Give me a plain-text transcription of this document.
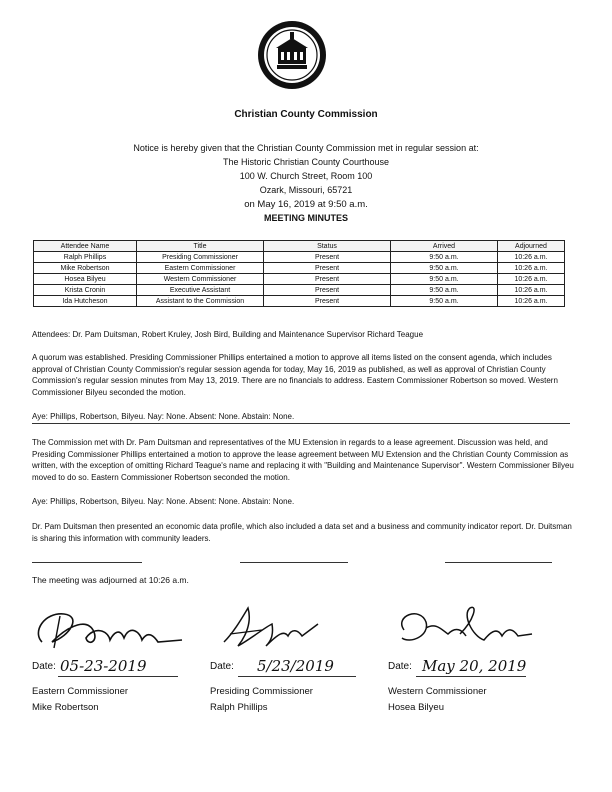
Christian County Commission
Notice is hereby given that the Christian County Commission met in regular session at:
The Historic Christian County Courthouse
100 W. Church Street, Room 100
Ozark, Missouri, 65721
on May 16, 2019 at 9:50 a.m.
MEETING MINUTES
Attendee Name	Title	Status	Arrived	Adjourned
Ralph Phillips	Presiding Commissioner	Present	9:50 a.m.	10:26 a.m.
Mike Robertson	Eastern Commissioner	Present	9:50 a.m.	10:26 a.m.
Hosea Bilyeu	Western Commissioner	Present	9:50 a.m.	10:26 a.m.
Krista Cronin	Executive Assistant	Present	9:50 a.m.	10:26 a.m.
Ida Hutcheson	Assistant to the Commission	Present	9:50 a.m.	10:26 a.m.
Attendees: Dr. Pam Duitsman, Robert Kruley, Josh Bird, Building and Maintenance Supervisor Richard Teague
A quorum was established. Presiding Commissioner Phillips entertained a motion to approve all items listed on the consent agenda, which includes approval of Christian County Commission's regular session agenda for today, May 16, 2019 as published, as well as approval of Christian County Commission's regular session minutes from May 13, 2019. There are no financials to address. Eastern Commissioner Robertson so moved. Western Commissioner Bilyeu seconded the motion.
Aye: Phillips, Robertson, Bilyeu. Nay: None. Absent: None. Abstain: None.
The Commission met with Dr. Pam Duitsman and representatives of the MU Extension in regards to a lease agreement. Discussion was held, and Presiding Commissioner Phillips entertained a motion to approve the lease agreement between MU Extension and the Christian County Commission as written, with the exception of omitting Richard Teague's name and replacing it with "Building and Maintenance Supervisor". Western Commissioner Bilyeu moved to do so. Eastern Commissioner Robertson seconded the motion.
Aye: Phillips, Robertson, Bilyeu. Nay: None. Absent: None. Abstain: None.
Dr. Pam Duitsman then presented an economic data profile, which also included a data set and a business and community indicator report. Dr. Duitsman is sharing this information with community leaders.
The meeting was adjourned at 10:26 a.m.
Date: 05-23-2019	Date: 5/23/2019	Date: May 20, 2019
Eastern Commissioner
Mike Robertson
Presiding Commissioner
Ralph Phillips
Western Commissioner
Hosea Bilyeu
